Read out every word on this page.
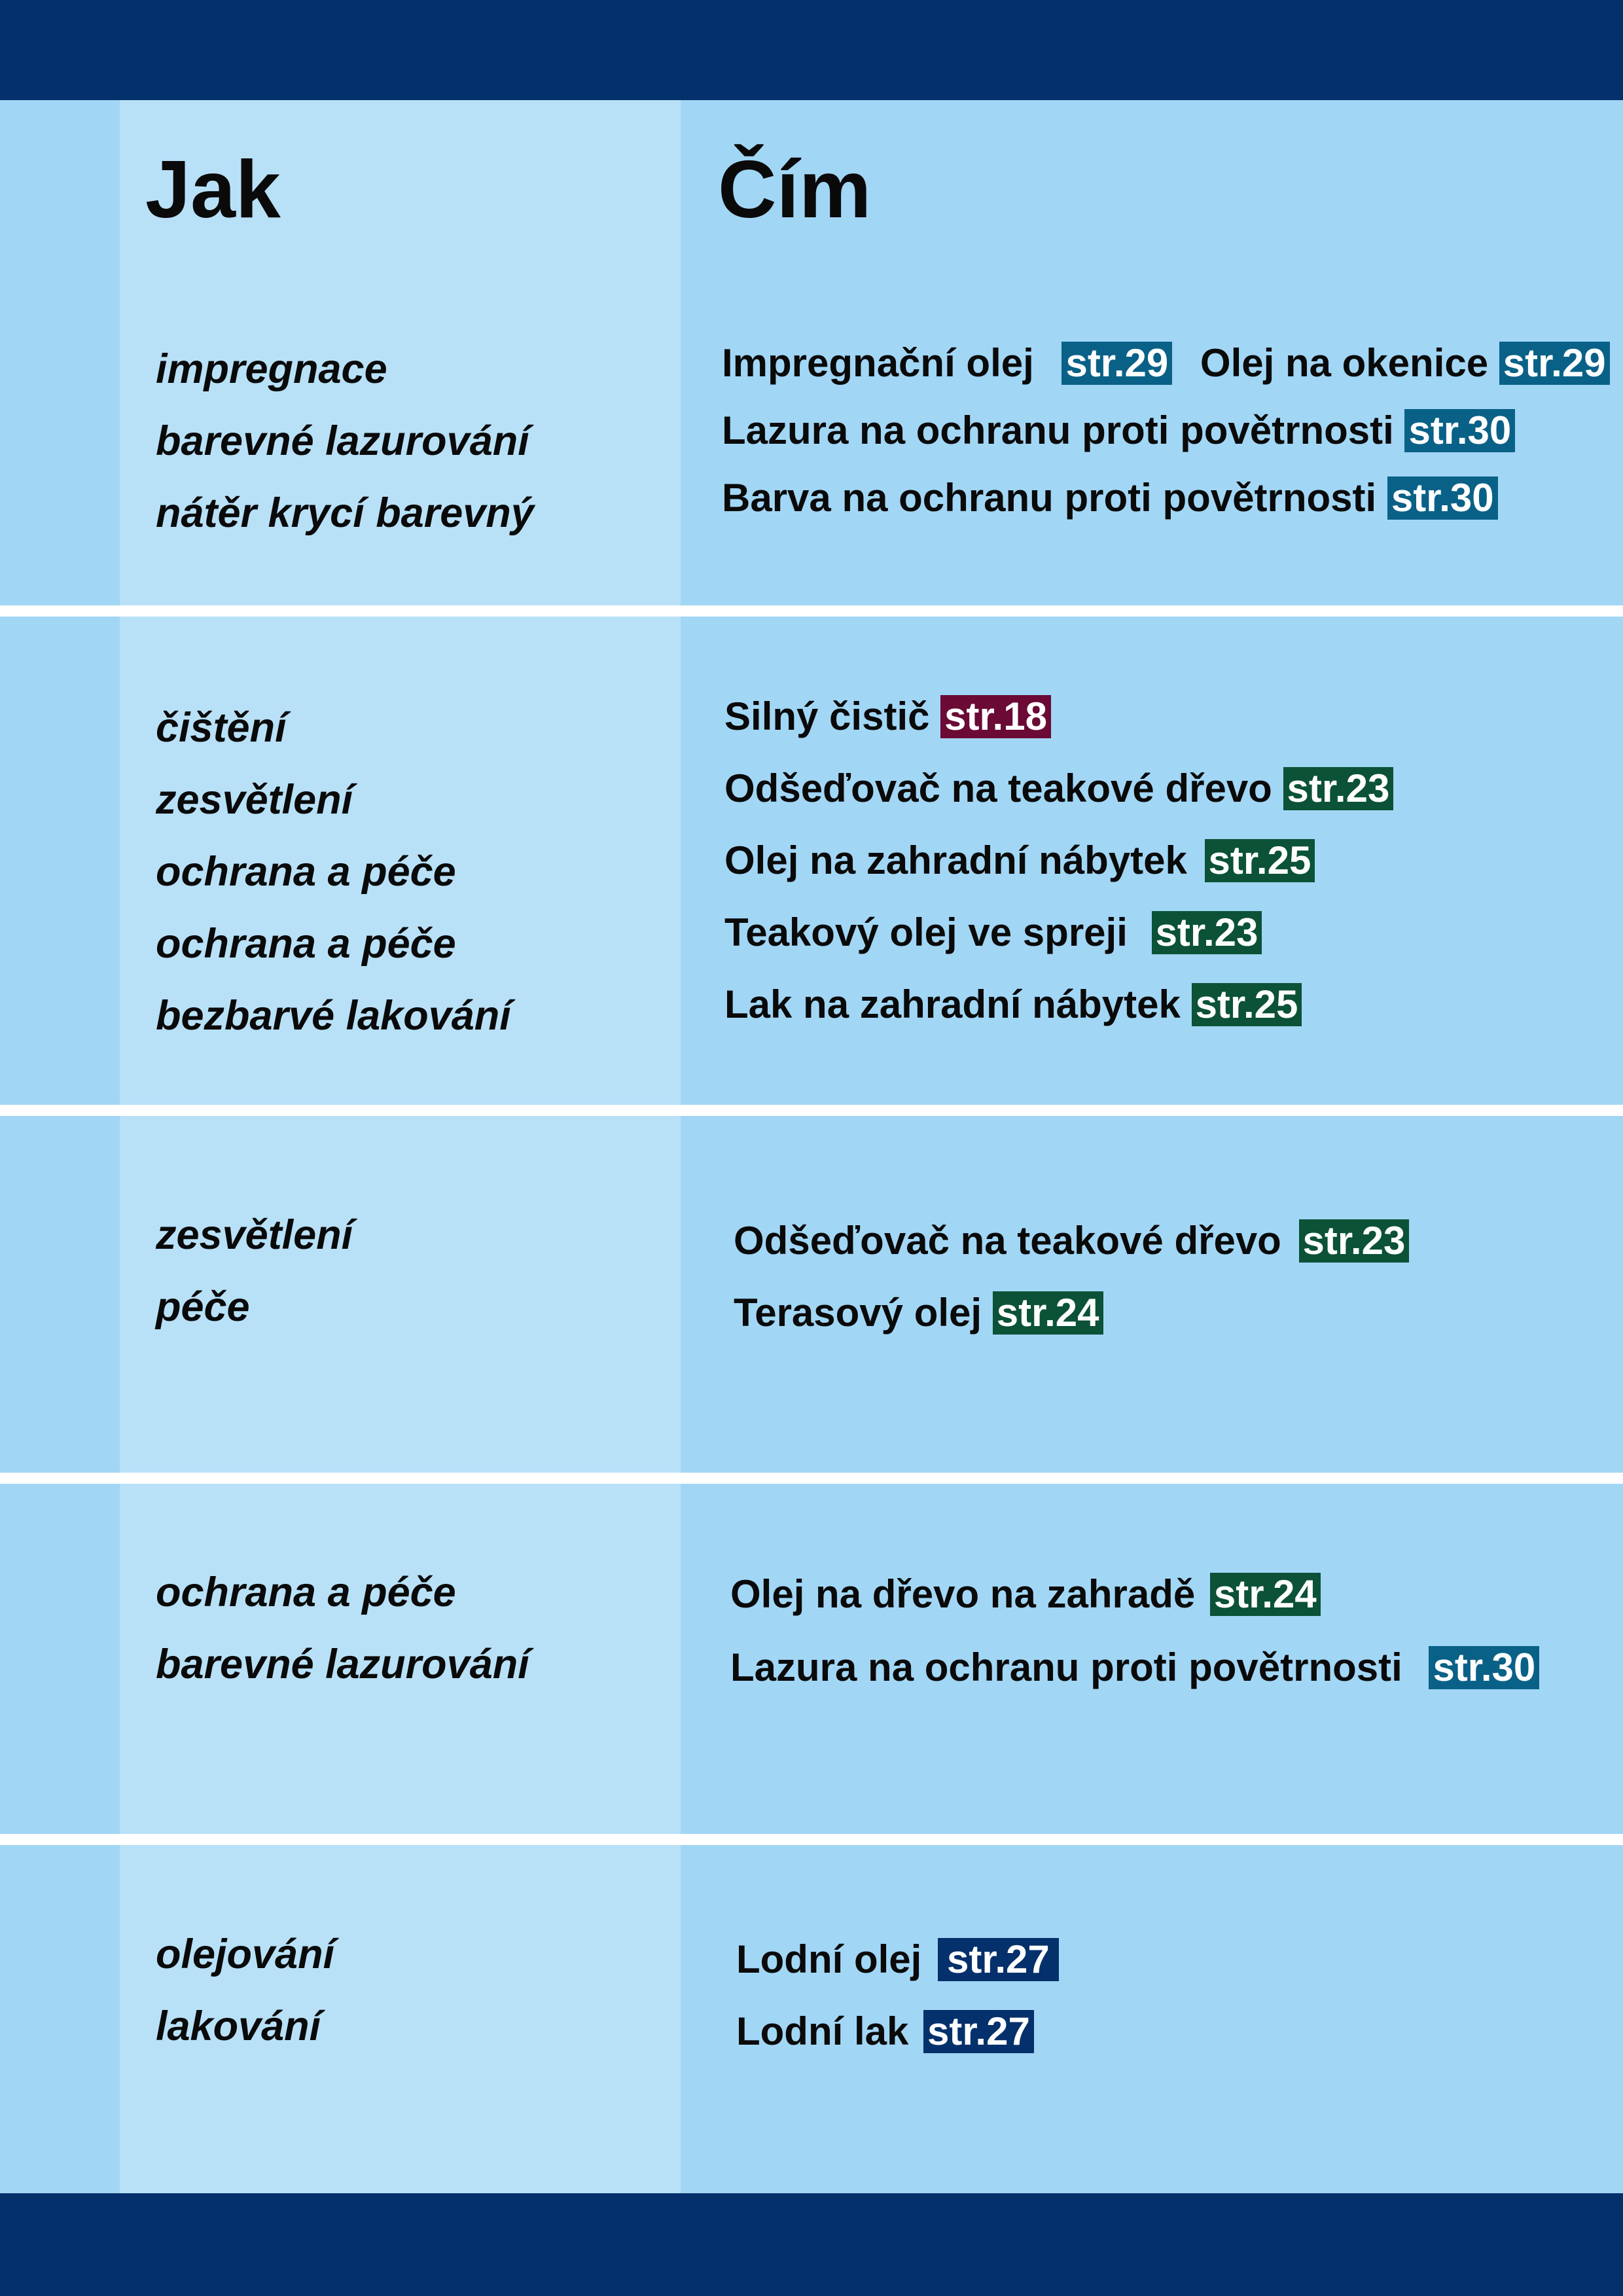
Jak	Čím
impregnace
barevné lazurování
nátěr krycí barevný
Impregnační olej str.29 Olej na okenice str.29
Lazura na ochranu proti povětrnosti str.30
Barva na ochranu proti povětrnosti str.30
čištění
zesvětlení
ochrana a péče
ochrana a péče
bezbarvé lakování
Silný čistič str.18
Odšeďovač na teakové dřevo str.23
Olej na zahradní nábytek str.25
Teakový olej ve spreji str.23
Lak na zahradní nábytek str.25
zesvětlení
péče
Odšeďovač na teakové dřevo str.23
Terasový olej str.24
ochrana a péče
barevné lazurování
Olej na dřevo na zahradě str.24
Lazura na ochranu proti povětrnosti str.30
olejování
lakování
Lodní olej str.27
Lodní lak str.27
